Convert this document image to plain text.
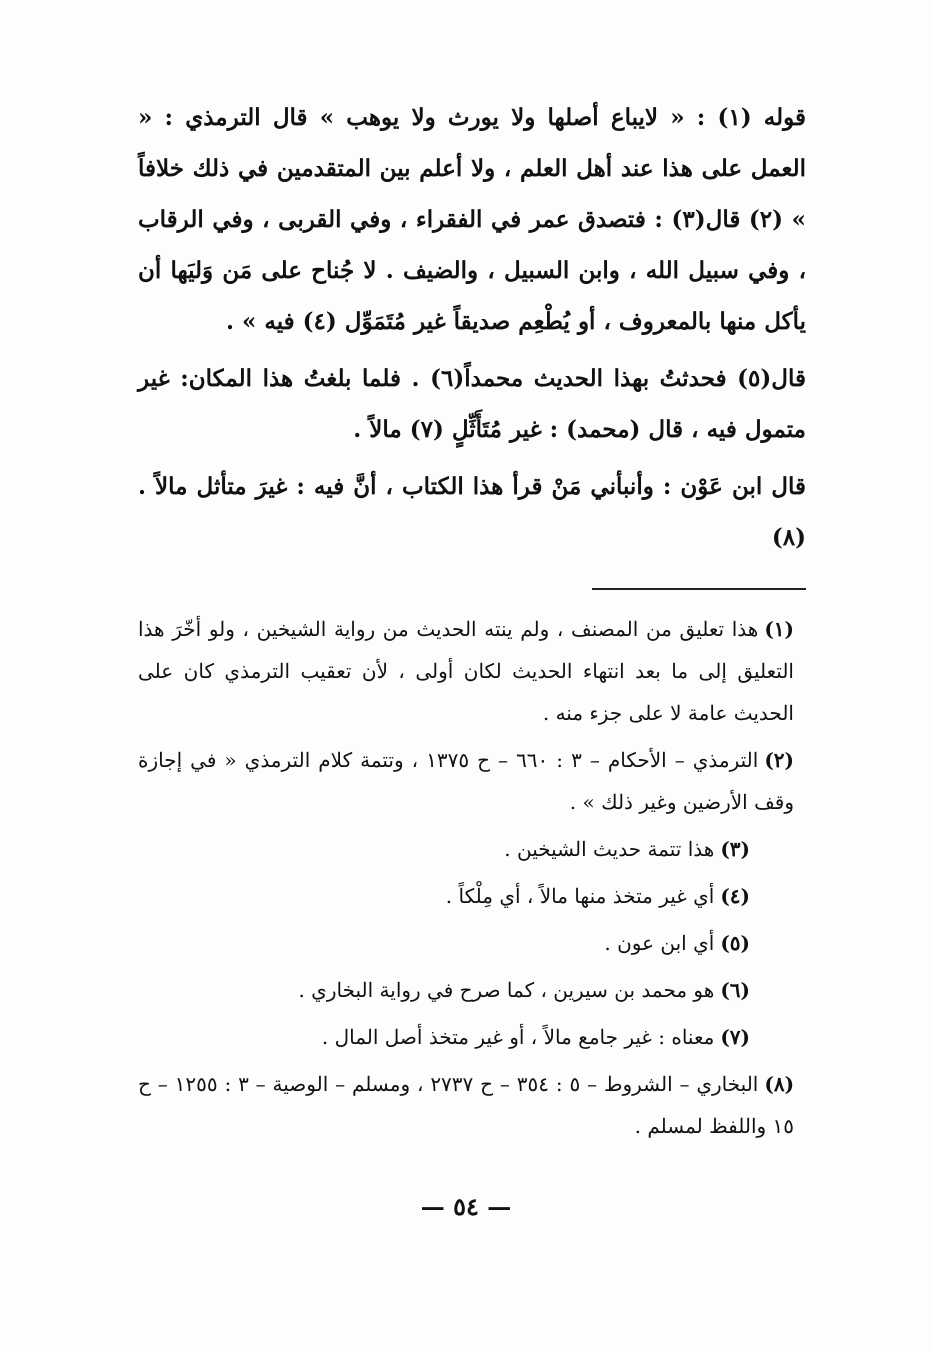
قوله (١) : « لايباع أصلها ولا يورث ولا يوهب » قال الترمذي : « العمل على هذا عند أهل العلم ، ولا أعلم بين المتقدمين في ذلك خلافاً » (٢) قال(٣) : فتصدق عمر في الفقراء ، وفي القربى ، وفي الرقاب ، وفي سبيل الله ، وابن السبيل ، والضيف . لا جُناح على مَن وَليَها أن يأكل منها بالمعروف ، أو يُطْعِم صديقاً غير مُتَمَوِّل (٤) فيه » .

قال(٥) فحدثتُ بهذا الحديث محمداً(٦) . فلما بلغتُ هذا المكان: غير متمول فيه ، قال (محمد) : غير مُتَأَثِّلٍ (٧) مالاً .

قال ابن عَوْن : وأنبأني مَنْ قرأ هذا الكتاب ، أنَّ فيه : غيرَ متأثل مالاً . (٨)

(١)هذا تعليق من المصنف ، ولم ينته الحديث من رواية الشيخين ، ولو أخّرَ هذا التعليق إلى ما بعد انتهاء الحديث لكان أولى ، لأن تعقيب الترمذي كان على الحديث عامة لا على جزء منه .

(٢)الترمذي – الأحكام – ٣ : ٦٦٠ – ح ١٣٧٥ ، وتتمة كلام الترمذي « في إجازة وقف الأرضين وغير ذلك » .

(٣)هذا تتمة حديث الشيخين .

(٤)أي غير متخذ منها مالاً ، أي مِلْكاً .

(٥)أي ابن عون .

(٦)هو محمد بن سيرين ، كما صرح في رواية البخاري .

(٧)معناه : غير جامع مالاً ، أو غير متخذ أصل المال .

(٨)البخاري – الشروط – ٥ : ٣٥٤ – ح ٢٧٣٧ ، ومسلم – الوصية – ٣ : ١٢٥٥ – ح ١٥ واللفظ لمسلم .

— ٥٤ —
